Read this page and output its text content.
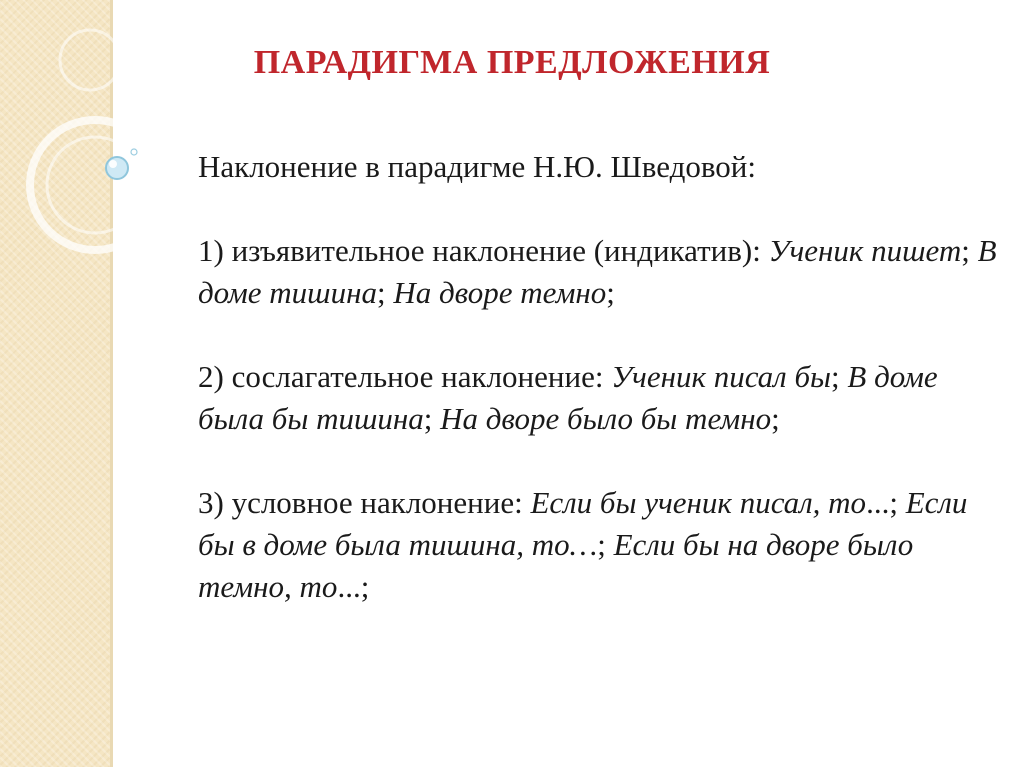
ПАРАДИГМА ПРЕДЛОЖЕНИЯ

Наклонение в парадигме Н.Ю. Шведовой:

1) изъявительное наклонение (индикатив): Ученик пишет; В доме тишина; На дворе темно;

2) сослагательное наклонение: Ученик писал бы; В доме была бы тишина; На дворе было бы темно;

3) условное наклонение: Если бы ученик писал, то...; Если бы в доме была тишина, то…; Если бы на дворе было темно, то...;
